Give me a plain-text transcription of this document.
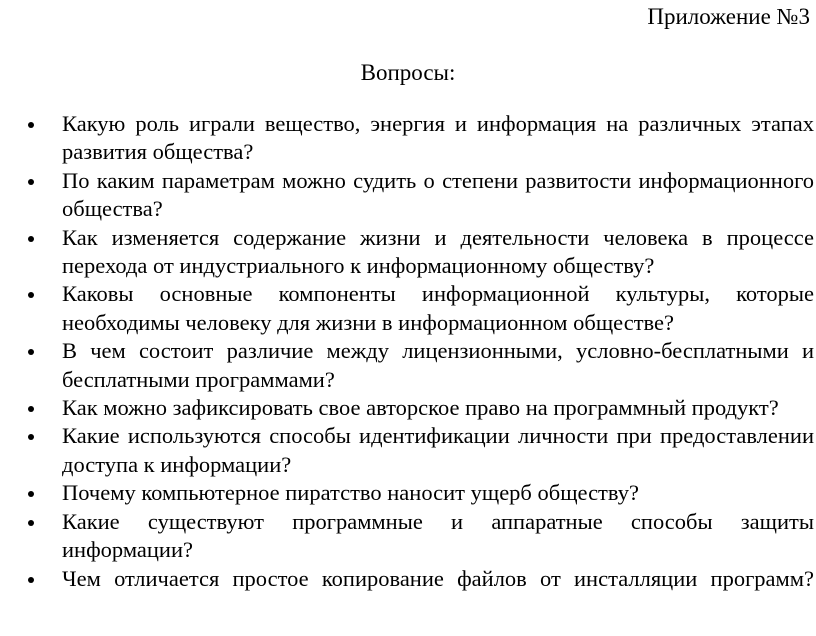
Приложение №3
Вопросы:
Какую роль играли вещество, энергия и информация на различных этапах развития общества?
По каким параметрам можно судить о степени развитости информационного общества?
Как изменяется содержание жизни и деятельности человека в процессе перехода от индустриального к информационному обществу?
Каковы основные компоненты информационной культуры, которые необходимы человеку для жизни в информационном обществе?
В чем состоит различие между лицензионными, условно-бесплатными и бесплатными программами?
Как можно зафиксировать свое авторское право на программный продукт?
Какие используются способы идентификации личности при предоставлении доступа к информации?
Почему компьютерное пиратство наносит ущерб обществу?
Какие существуют программные и аппаратные способы защиты информации?
Чем отличается простое копирование файлов от инсталляции программ?
